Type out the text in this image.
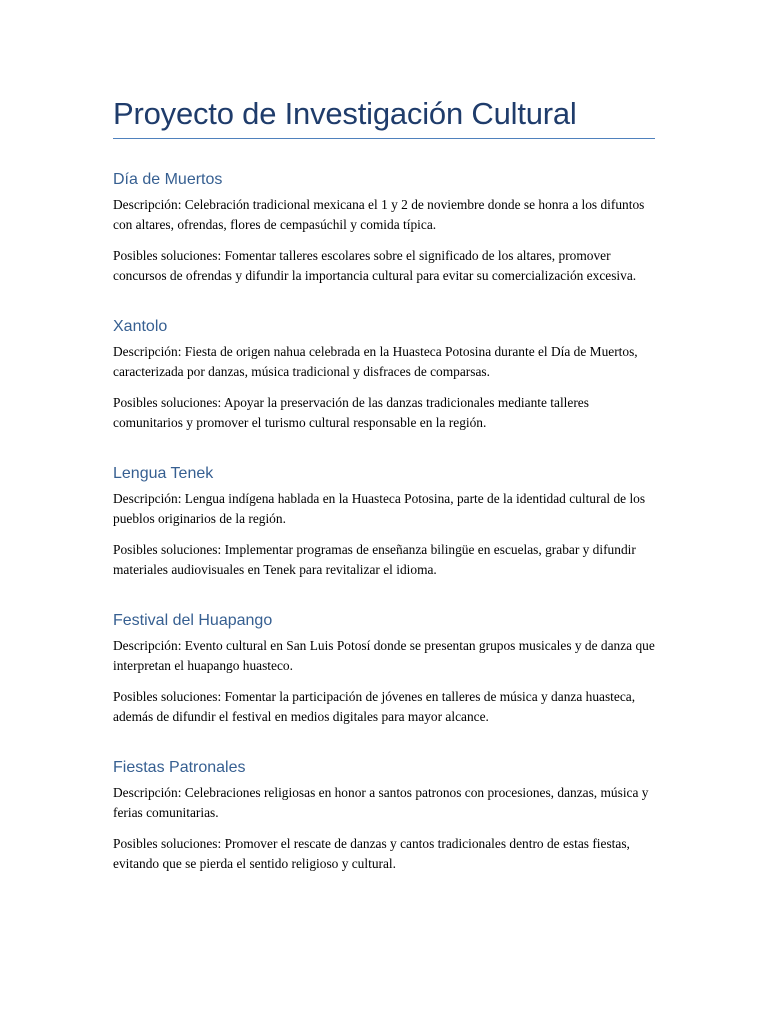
Proyecto de Investigación Cultural
Día de Muertos

Descripción: Celebración tradicional mexicana el 1 y 2 de noviembre donde se honra a los difuntos con altares, ofrendas, flores de cempasúchil y comida típica.

Posibles soluciones: Fomentar talleres escolares sobre el significado de los altares, promover concursos de ofrendas y difundir la importancia cultural para evitar su comercialización excesiva.

Xantolo

Descripción: Fiesta de origen nahua celebrada en la Huasteca Potosina durante el Día de Muertos, caracterizada por danzas, música tradicional y disfraces de comparsas.

Posibles soluciones: Apoyar la preservación de las danzas tradicionales mediante talleres comunitarios y promover el turismo cultural responsable en la región.

Lengua Tenek

Descripción: Lengua indígena hablada en la Huasteca Potosina, parte de la identidad cultural de los pueblos originarios de la región.

Posibles soluciones: Implementar programas de enseñanza bilingüe en escuelas, grabar y difundir materiales audiovisuales en Tenek para revitalizar el idioma.

Festival del Huapango

Descripción: Evento cultural en San Luis Potosí donde se presentan grupos musicales y de danza que interpretan el huapango huasteco.

Posibles soluciones: Fomentar la participación de jóvenes en talleres de música y danza huasteca, además de difundir el festival en medios digitales para mayor alcance.

Fiestas Patronales

Descripción: Celebraciones religiosas en honor a santos patronos con procesiones, danzas, música y ferias comunitarias.

Posibles soluciones: Promover el rescate de danzas y cantos tradicionales dentro de estas fiestas, evitando que se pierda el sentido religioso y cultural.
